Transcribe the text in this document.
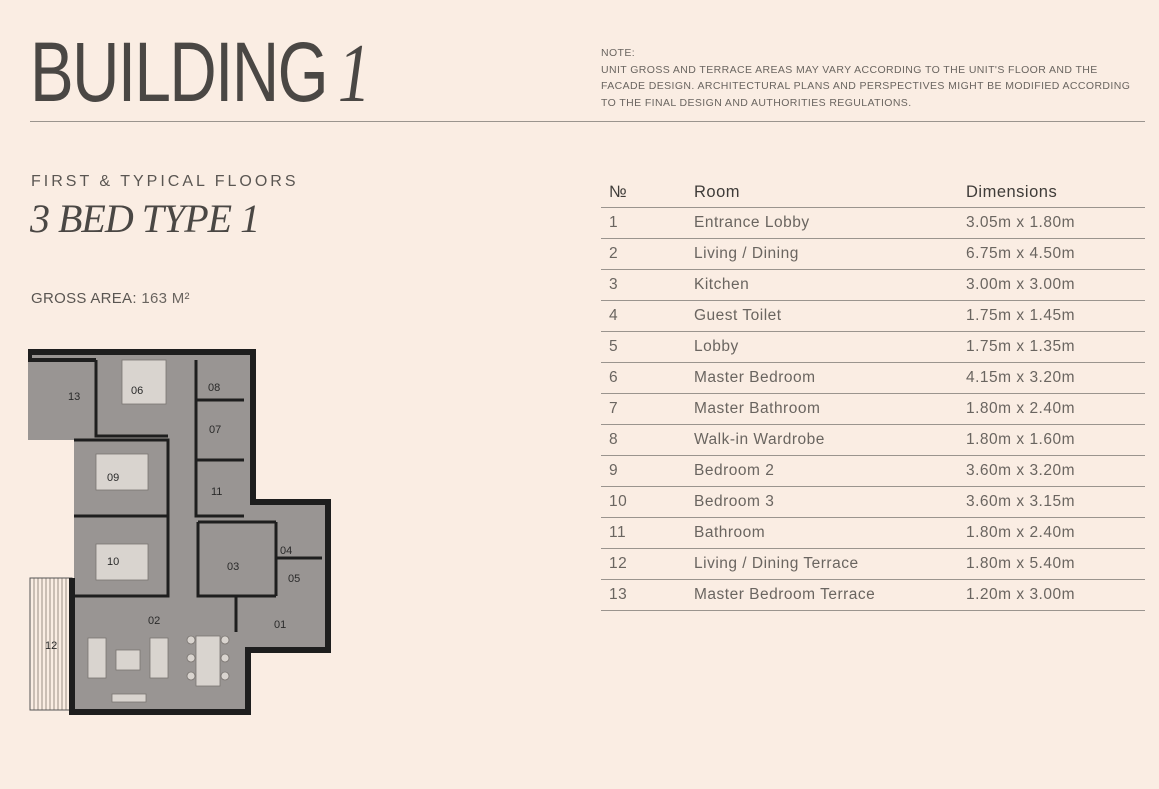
BUILDING 1	NOTE:
UNIT GROSS AND TERRACE AREAS MAY VARY ACCORDING TO THE UNIT'S FLOOR AND THE
FACADE DESIGN. ARCHITECTURAL PLANS AND PERSPECTIVES MIGHT BE MODIFIED ACCORDING
TO THE FINAL DESIGN AND AUTHORITIES REGULATIONS.
FIRST & TYPICAL FLOORS
3 BED TYPE 1
GROSS AREA: 163 M²
№	Room	Dimensions
1	Entrance Lobby	3.05m x 1.80m
2	Living / Dining	6.75m x 4.50m
3	Kitchen	3.00m x 3.00m
4	Guest Toilet	1.75m x 1.45m
5	Lobby	1.75m x 1.35m
6	Master Bedroom	4.15m x 3.20m
7	Master Bathroom	1.80m x 2.40m
8	Walk-in Wardrobe	1.80m x 1.60m
9	Bedroom 2	3.60m x 3.20m
10	Bedroom 3	3.60m x 3.15m
11	Bathroom	1.80m x 2.40m
12	Living / Dining Terrace	1.80m x 5.40m
13	Master Bedroom Terrace	1.20m x 3.00m
01
02
03
04
05
06
07
08
09
10
11
12
13
